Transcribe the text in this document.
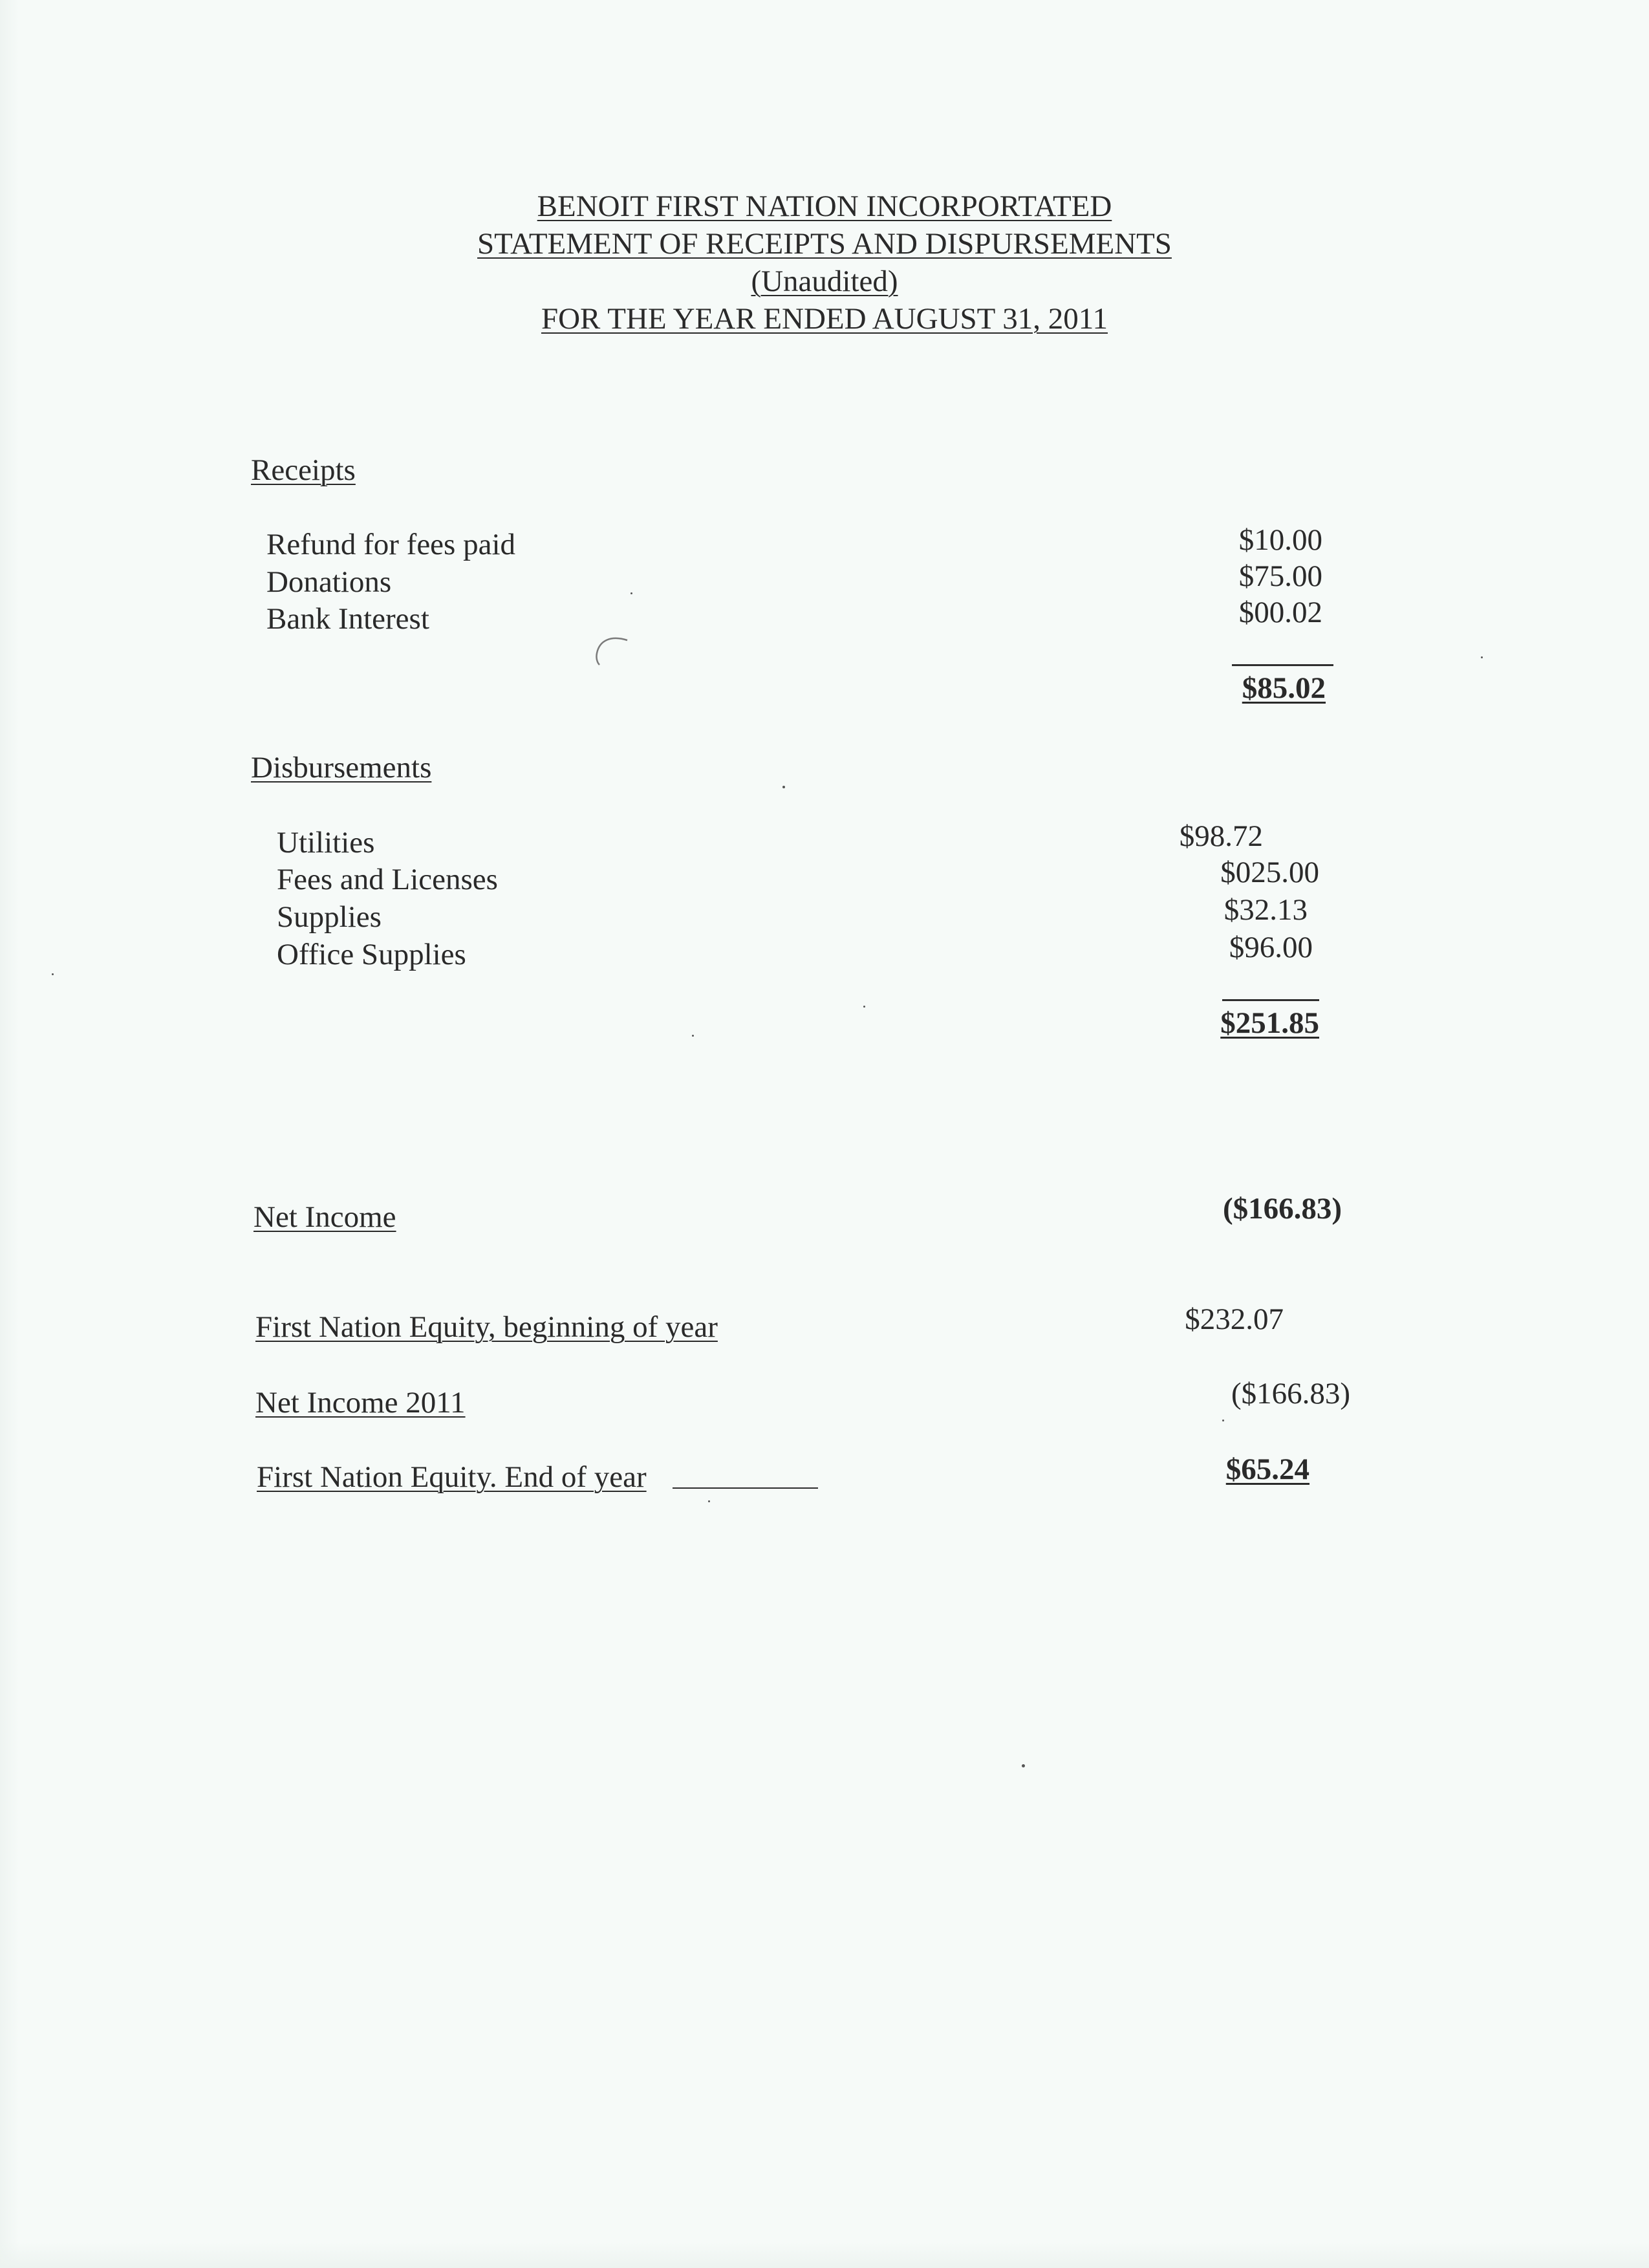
BENOIT FIRST NATION INCORPORTATED
STATEMENT OF RECEIPTS AND DISPURSEMENTS
(Unaudited)
FOR THE YEAR ENDED AUGUST 31, 2011
Receipts
Refund for fees paid	$10.00
Donations	$75.00
Bank Interest	$00.02
$85.02
Disbursements
Utilities	$98.72
Fees and Licenses	$025.00
Supplies	$32.13
Office Supplies	$96.00
$251.85
Net Income	($166.83)
First Nation Equity, beginning of year	$232.07
Net Income 2011	($166.83)
First Nation Equity. End of year	$65.24
